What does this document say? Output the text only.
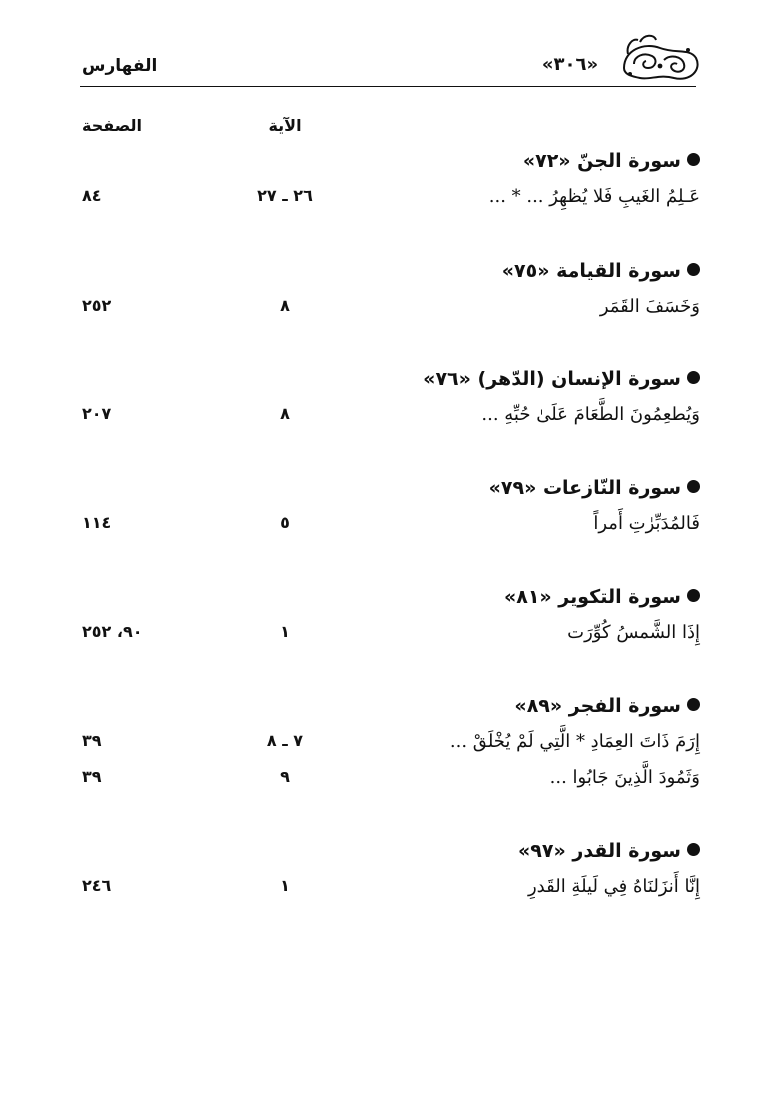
الفهارس	«٣٠٦»
الصفحة	الآية
سورة الجنّ «٧٢»
عَـلِمُ الغَيبِ فَلا يُظهِرُ ... * ...
٢٦ ـ ٢٧
٨٤
سورة القيامة «٧٥»
وَخَسَفَ القَمَر
٨
٢٥٢
سورة الإنسان (الدّهر) «٧٦»
وَيُطعِمُونَ الطَّعَامَ عَلَىٰ حُبِّهِ ...
٨
٢٠٧
سورة النّازعات «٧٩»
فَالمُدَبِّرٰتِ أَمراً
٥
١١٤
سورة التكوير «٨١»
إِذَا الشَّمسُ كُوِّرَت
١
٩٠، ٢٥٢
سورة الفجر «٨٩»
إِرَمَ ذَاتَ العِمَادِ * الَّتِي لَمْ يُخْلَقْ ...
٧ ـ ٨
٣٩
وَثَمُودَ الَّذِينَ جَابُوا ...
٩
٣٩
سورة القدر «٩٧»
إِنَّا أَنزَلنَاهُ فِي لَيلَةِ القَدرِ
١
٢٤٦
